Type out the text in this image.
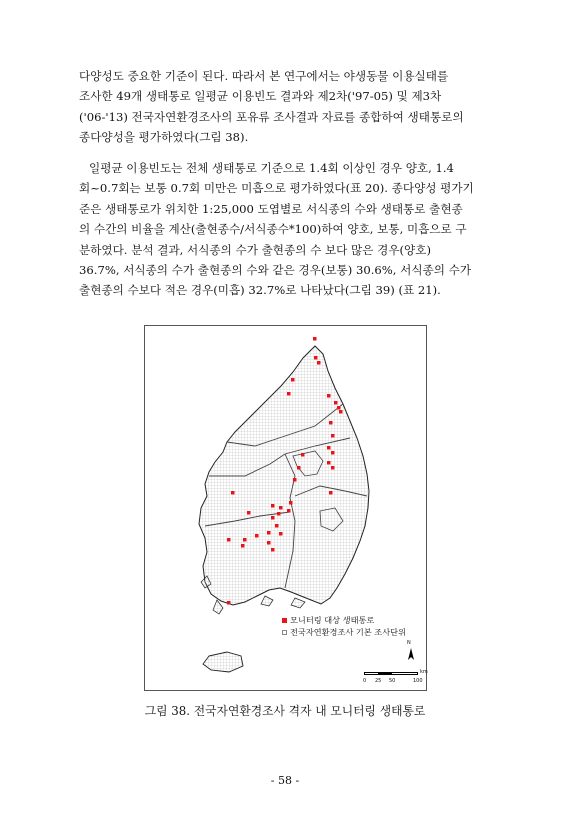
다양성도 중요한 기준이 된다. 따라서 본 연구에서는 야생동물 이용실태를
조사한 49개 생태통로 일평균 이용빈도 결과와 제2차('97-05) 및 제3차
('06-'13) 전국자연환경조사의 포유류 조사결과 자료를 종합하여 생태통로의
종다양성을 평가하였다(그림 38).

일평균 이용빈도는 전체 생태통로 기준으로 1.4회 이상인 경우 양호, 1.4
회~0.7회는 보통 0.7회 미만은 미흡으로 평가하였다(표 20). 종다양성 평가기
준은 생태통로가 위치한 1:25,000 도엽별로 서식종의 수와 생태통로 출현종
의 수간의 비율을 계산(출현종수/서식종수*100)하여 양호, 보통, 미흡으로 구
분하였다. 분석 결과, 서식종의 수가 출현종의 수 보다 많은 경우(양호)
36.7%, 서식종의 수가 출현종의 수와 같은 경우(보통) 30.6%, 서식종의 수가
출현종의 수보다 적은 경우(미흡) 32.7%로 나타났다(그림 39) (표 21).

모니터링 대상 생태통로
전국자연환경조사 기본 조사단위
N
km
0 25 50	100
그림 38. 전국자연환경조사 격자 내 모니터링 생태통로
- 58 -
